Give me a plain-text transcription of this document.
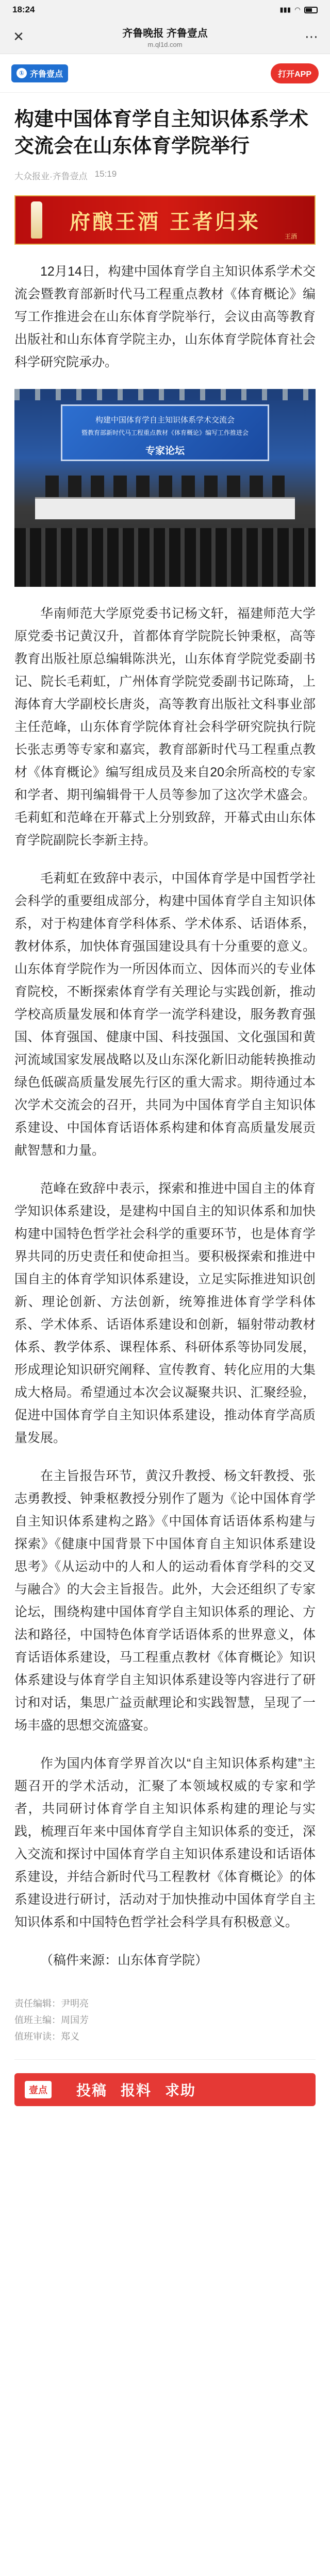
18:24	▮▮▮ ◠
✕	齐鲁晚报 齐鲁壹点
m.ql1d.com
⋯
① 齐鲁壹点	打开APP
构建中国体育学自主知识体系学术交流会在山东体育学院举行
大众报业·齐鲁壹点 15:19
府酿王酒 王者归来
王酒

12月14日，构建中国体育学自主知识体系学术交流会暨教育部新时代马工程重点教材《体育概论》编写工作推进会在山东体育学院举行，会议由高等教育出版社和山东体育学院主办，山东体育学院体育社会科学研究院承办。

构建中国体育学自主知识体系学术交流会
暨教育部新时代马工程重点教材《体育概论》编写工作推进会
专家论坛

华南师范大学原党委书记杨文轩，福建师范大学原党委书记黄汉升，首都体育学院院长钟秉枢，高等教育出版社原总编辑陈洪光，山东体育学院党委副书记、院长毛莉虹，广州体育学院党委副书记陈琦，上海体育大学副校长唐炎，高等教育出版社文科事业部主任范峰，山东体育学院体育社会科学研究院执行院长张志勇等专家和嘉宾，教育部新时代马工程重点教材《体育概论》编写组成员及来自20余所高校的专家和学者、期刊编辑骨干人员等参加了这次学术盛会。毛莉虹和范峰在开幕式上分别致辞，开幕式由山东体育学院副院长李新主持。

毛莉虹在致辞中表示，中国体育学是中国哲学社会科学的重要组成部分，构建中国体育学自主知识体系，对于构建体育学科体系、学术体系、话语体系，教材体系，加快体育强国建设具有十分重要的意义。山东体育学院作为一所因体而立、因体而兴的专业体育院校，不断探索体育学有关理论与实践创新，推动学校高质量发展和体育学一流学科建设，服务教育强国、体育强国、健康中国、科技强国、文化强国和黄河流域国家发展战略以及山东深化新旧动能转换推动绿色低碳高质量发展先行区的重大需求。期待通过本次学术交流会的召开，共同为中国体育学自主知识体系建设、中国体育话语体系构建和体育高质量发展贡献智慧和力量。

范峰在致辞中表示，探索和推进中国自主的体育学知识体系建设，是建构中国自主的知识体系和加快构建中国特色哲学社会科学的重要环节，也是体育学界共同的历史责任和使命担当。要积极探索和推进中国自主的体育学知识体系建设，立足实际推进知识创新、理论创新、方法创新，统筹推进体育学学科体系、学术体系、话语体系建设和创新，辐射带动教材体系、教学体系、课程体系、科研体系等协同发展，形成理论知识研究阐释、宣传教育、转化应用的大集成大格局。希望通过本次会议凝聚共识、汇聚经验，促进中国体育学自主知识体系建设，推动体育学高质量发展。

在主旨报告环节，黄汉升教授、杨文轩教授、张志勇教授、钟秉枢教授分别作了题为《论中国体育学自主知识体系建构之路》《中国体育话语体系构建与探索》《健康中国背景下中国体育自主知识体系建设思考》《从运动中的人和人的运动看体育学科的交叉与融合》的大会主旨报告。此外，大会还组织了专家论坛，围绕构建中国体育学自主知识体系的理论、方法和路径，中国特色体育学话语体系的世界意义，体育话语体系建设，马工程重点教材《体育概论》知识体系建设与体育学自主知识体系建设等内容进行了研讨和对话，集思广益贡献理论和实践智慧，呈现了一场丰盛的思想交流盛宴。

作为国内体育学界首次以“自主知识体系构建”主题召开的学术活动，汇聚了本领域权威的专家和学者，共同研讨体育学自主知识体系构建的理论与实践，梳理百年来中国体育学自主知识体系的变迁，深入交流和探讨中国体育学自主知识体系建设和话语体系建设，并结合新时代马工程教材《体育概论》的体系建设进行研讨，活动对于加快推动中国体育学自主知识体系和中国特色哲学社会科学具有积极意义。

（稿件来源：山东体育学院）

责任编辑：尹明亮
值班主编：周国芳
值班审读：郑义
壹点 投稿 报料 求助
